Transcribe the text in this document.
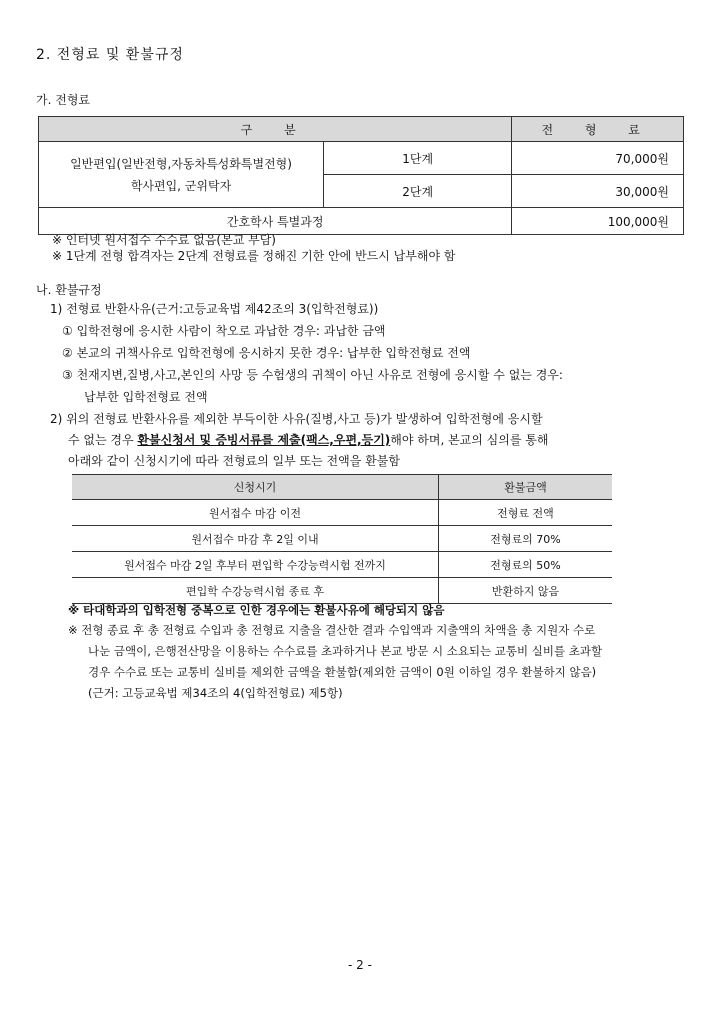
2. 전형료 및 환불규정
가. 전형료
구 분		전 형 료

일반편입(일반전형,자동차특성화특별전형)
학사편입, 군위탁자	1단계	70,000원
	2단계	30,000원
간호학사 특별과정		100,000원
※ 인터넷 원서접수 수수료 없음(본교 부담)
※ 1단계 전형 합격자는 2단계 전형료를 정해진 기한 안에 반드시 납부해야 함
나. 환불규정
1) 전형료 반환사유(근거:고등교육법 제42조의 3(입학전형료))
① 입학전형에 응시한 사람이 착오로 과납한 경우: 과납한 금액
② 본교의 귀책사유로 입학전형에 응시하지 못한 경우: 납부한 입학전형료 전액
③ 천재지변,질병,사고,본인의 사망 등 수험생의 귀책이 아닌 사유로 전형에 응시할 수 없는 경우:
납부한 입학전형료 전액
2) 위의 전형료 반환사유를 제외한 부득이한 사유(질병,사고 등)가 발생하여 입학전형에 응시할
수 없는 경우 환불신청서 및 증빙서류를 제출(팩스,우편,등기)해야 하며, 본교의 심의를 통해
아래와 같이 신청시기에 따라 전형료의 일부 또는 전액을 환불함
신청시기	환불금액
원서접수 마감 이전	전형료 전액
원서접수 마감 후 2일 이내	전형료의 70%
원서접수 마감 2일 후부터 편입학 수강능력시험 전까지	전형료의 50%
편입학 수강능력시험 종료 후	반환하지 않음
※ 타대학과의 입학전형 중복으로 인한 경우에는 환불사유에 해당되지 않음
※ 전형 종료 후 총 전형료 수입과 총 전형료 지출을 결산한 결과 수입액과 지출액의 차액을 총 지원자 수로
나눈 금액이, 은행전산망을 이용하는 수수료를 초과하거나 본교 방문 시 소요되는 교통비 실비를 초과할
경우 수수료 또는 교통비 실비를 제외한 금액을 환불함(제외한 금액이 0원 이하일 경우 환불하지 않음)
(근거: 고등교육법 제34조의 4(입학전형료) 제5항)
- 2 -
